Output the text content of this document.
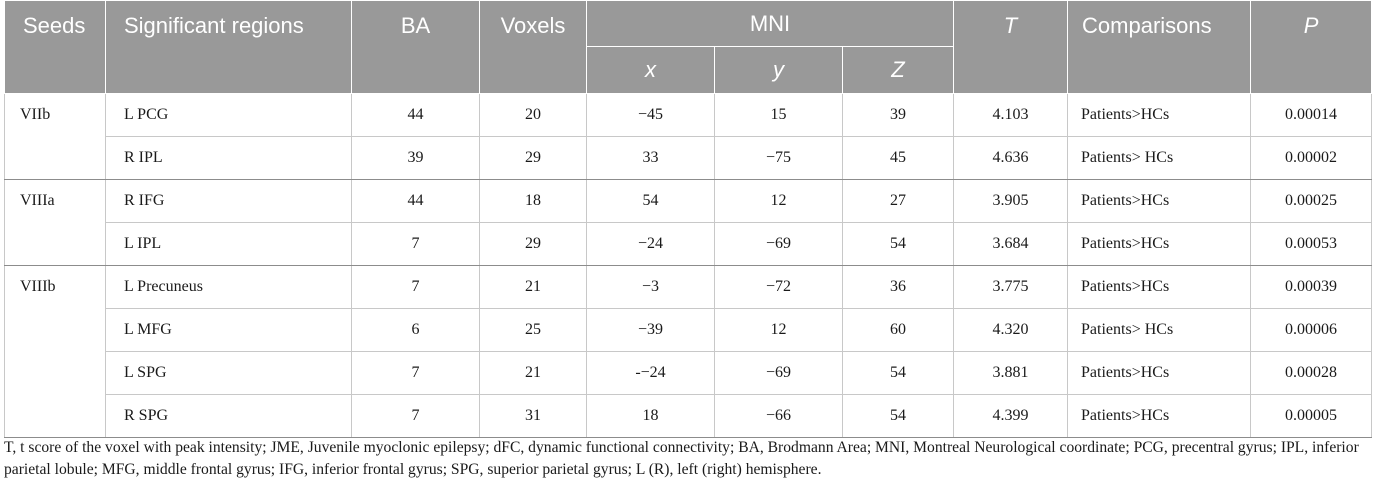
Seeds	Significant regions	BA	Voxels	MNI			T	Comparisons	P
				x	y	Z			
VIIb	L PCG	44	20	−45	15	39	4.103	Patients>HCs	0.00014
	R IPL	39	29	33	−75	45	4.636	Patients> HCs	0.00002
VIIIa	R IFG	44	18	54	12	27	3.905	Patients>HCs	0.00025
	L IPL	7	29	−24	−69	54	3.684	Patients>HCs	0.00053
VIIIb	L Precuneus	7	21	−3	−72	36	3.775	Patients>HCs	0.00039
	L MFG	6	25	−39	12	60	4.320	Patients> HCs	0.00006
	L SPG	7	21	-−24	−69	54	3.881	Patients>HCs	0.00028
	R SPG	7	31	18	−66	54	4.399	Patients>HCs	0.00005

T, t score of the voxel with peak intensity; JME, Juvenile myoclonic epilepsy; dFC, dynamic functional connectivity; BA, Brodmann Area; MNI, Montreal Neurological coordinate; PCG, precentral gyrus; IPL, inferior parietal lobule; MFG, middle frontal gyrus; IFG, inferior frontal gyrus; SPG, superior parietal gyrus; L (R), left (right) hemisphere.
